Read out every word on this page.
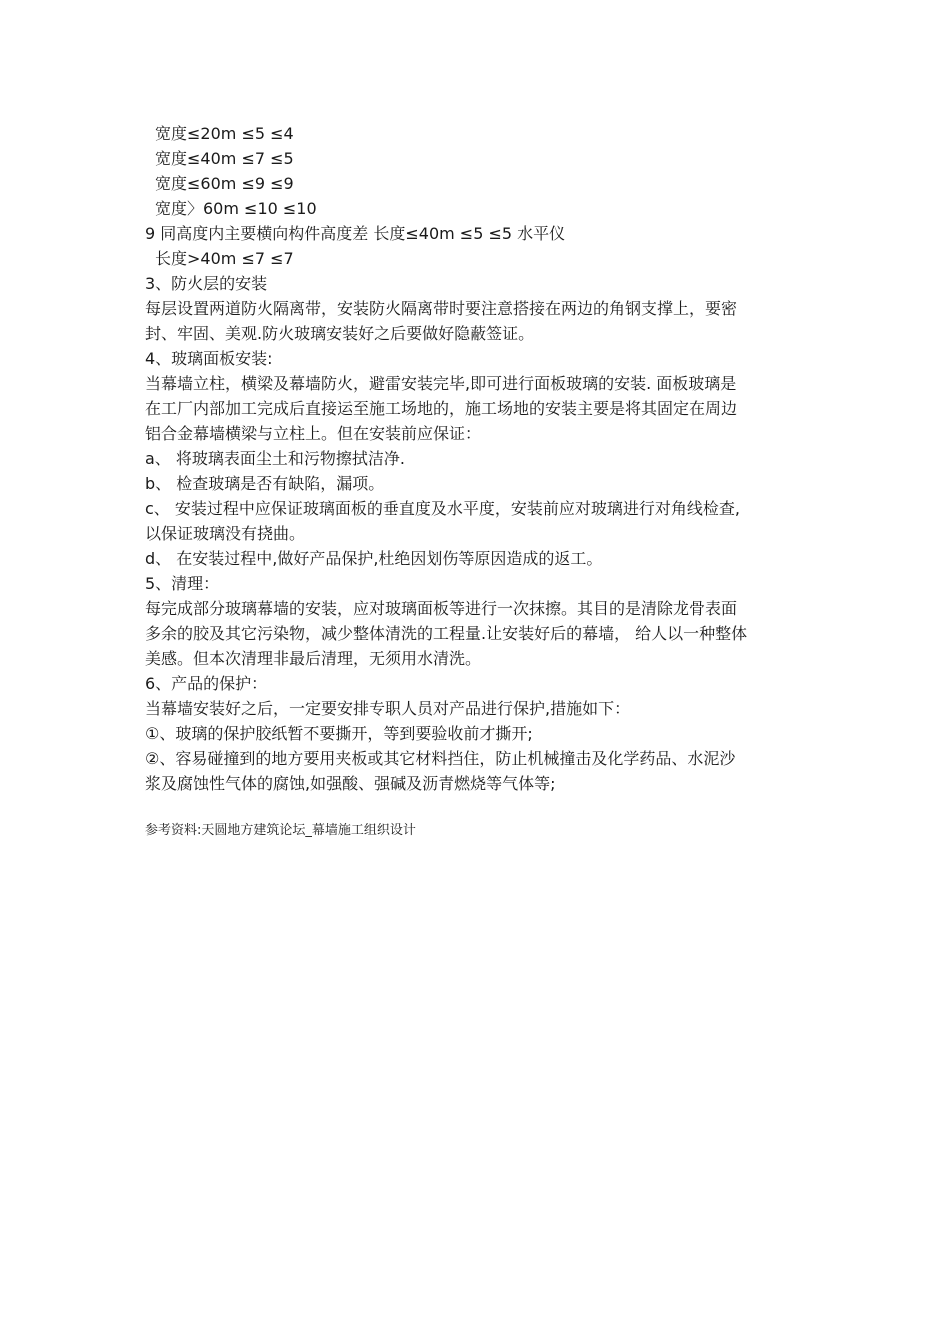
宽度≤20m ≤5 ≤4

宽度≤40m ≤7 ≤5

宽度≤60m ≤9 ≤9

宽度〉60m ≤10 ≤10

9 同高度内主要横向构件高度差 长度≤40m ≤5 ≤5 水平仪

长度>40m ≤7 ≤7

3、防火层的安装

每层设置两道防火隔离带，安装防火隔离带时要注意搭接在两边的角钢支撑上，要密

封、牢固、美观.防火玻璃安装好之后要做好隐蔽签证。

4、玻璃面板安装:

当幕墙立柱，横梁及幕墙防火，避雷安装完毕,即可进行面板玻璃的安装. 面板玻璃是

在工厂内部加工完成后直接运至施工场地的，施工场地的安装主要是将其固定在周边

铝合金幕墙横梁与立柱上。但在安装前应保证：

a、 将玻璃表面尘土和污物擦拭洁净.

b、 检查玻璃是否有缺陷，漏项。

c、 安装过程中应保证玻璃面板的垂直度及水平度，安装前应对玻璃进行对角线检查,

以保证玻璃没有挠曲。

d、 在安装过程中,做好产品保护,杜绝因划伤等原因造成的返工。

5、清理：

每完成部分玻璃幕墙的安装，应对玻璃面板等进行一次抹擦。其目的是清除龙骨表面

多余的胶及其它污染物，减少整体清洗的工程量.让安装好后的幕墙， 给人以一种整体

美感。但本次清理非最后清理，无须用水清洗。

6、产品的保护：

当幕墙安装好之后，一定要安排专职人员对产品进行保护,措施如下：

①、玻璃的保护胶纸暂不要撕开，等到要验收前才撕开;

②、容易碰撞到的地方要用夹板或其它材料挡住，防止机械撞击及化学药品、水泥沙

浆及腐蚀性气体的腐蚀,如强酸、强碱及沥青燃烧等气体等;

参考资料:天圆地方建筑论坛_幕墙施工组织设计
